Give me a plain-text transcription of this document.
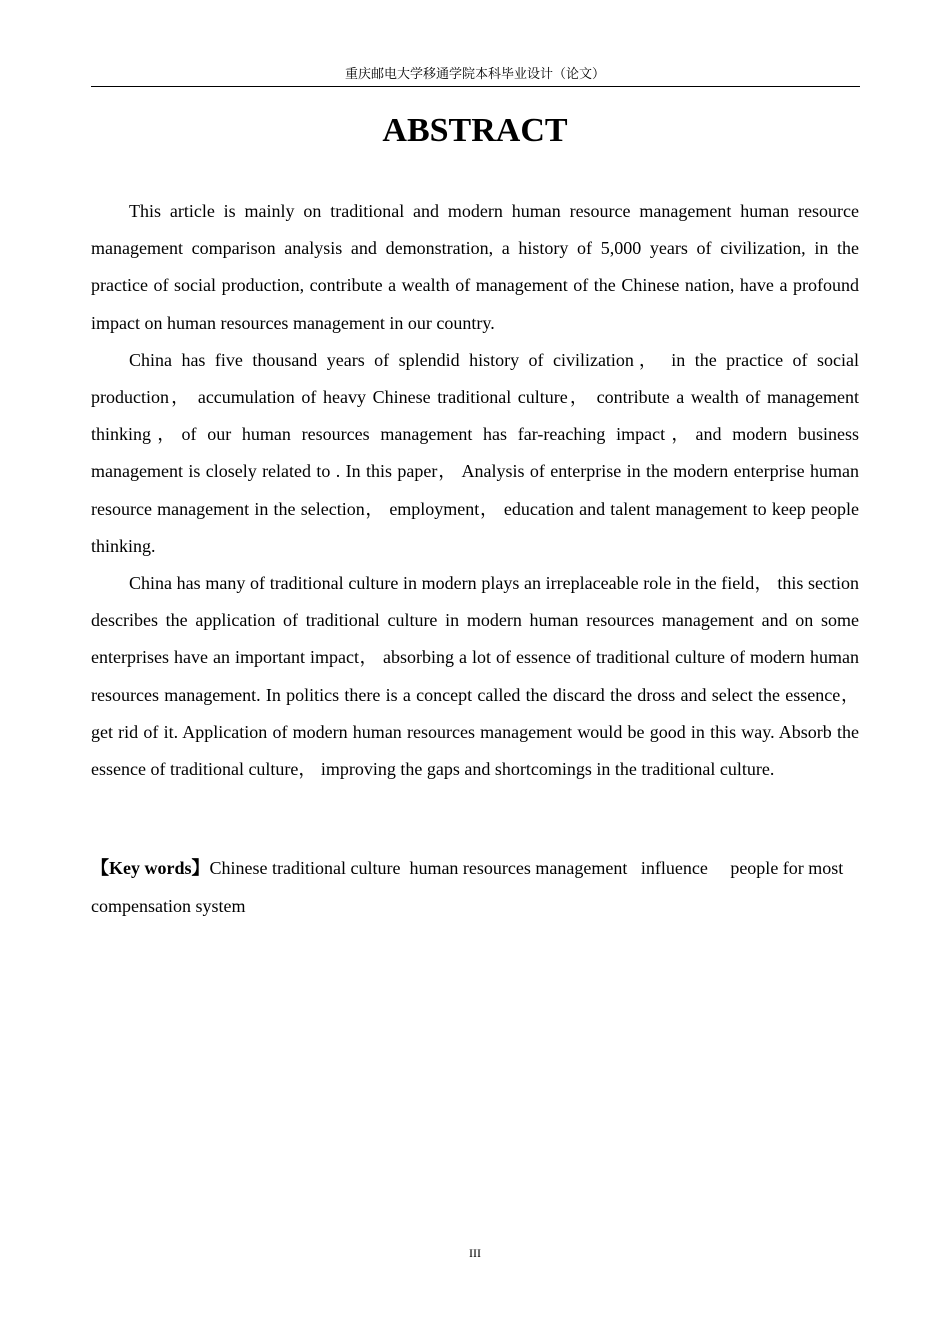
重庆邮电大学移通学院本科毕业设计（论文）
ABSTRACT

This article is mainly on traditional and modern human resource management human resource management comparison analysis and demonstration, a history of 5,000 years of civilization, in the practice of social production, contribute a wealth of management of the Chinese nation, have a profound impact on human resources management in our country.

China has five thousand years of splendid history of civilization， in the practice of social production， accumulation of heavy Chinese traditional culture， contribute a wealth of management thinking，of our human resources management has far-reaching impact，and modern business management is closely related to . In this paper， Analysis of enterprise in the modern enterprise human resource management in the selection， employment， education and talent management to keep people thinking.

China has many of traditional culture in modern plays an irreplaceable role in the field， this section describes the application of traditional culture in modern human resources management and on some enterprises have an important impact， absorbing a lot of essence of traditional culture of modern human resources management. In politics there is a concept called the discard the dross and select the essence， get rid of it. Application of modern human resources management would be good in this way. Absorb the essence of traditional culture， improving the gaps and shortcomings in the traditional culture.

【Key words】Chinese traditional culture  human resources management   influence     people for most    compensation system

III
